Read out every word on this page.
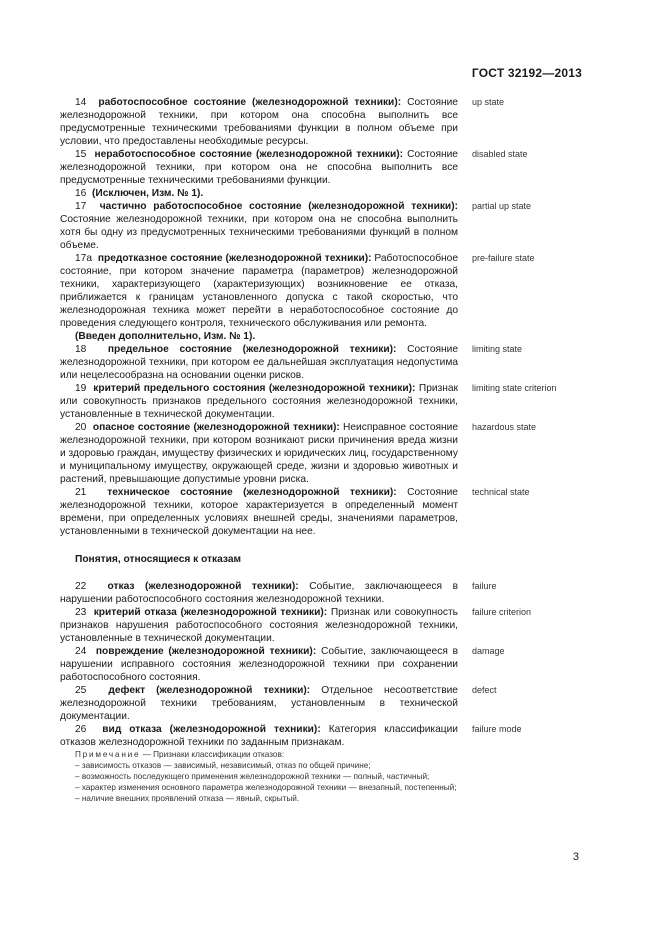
ГОСТ 32192—2013
14 работоспособное состояние (железнодорожной техники): Состояние железнодорожной техники, при котором она способна выполнить все предусмотренные техническими требованиями функции в полном объеме при условии, что предоставлены необходимые ресурсы.
up state
15 неработоспособное состояние (железнодорожной техники): Состояние железнодорожной техники, при котором она не способна выполнить все предусмотренные техническими требованиями функции.
disabled state
16 (Исключен, Изм. № 1).
17 частично работоспособное состояние (железнодорожной техники): Состояние железнодорожной техники, при котором она не способна выполнить хотя бы одну из предусмотренных техническими требованиями функций в полном объеме.
partial up state
17a предотказное состояние (железнодорожной техники): Работоспособное состояние, при котором значение параметра (параметров) железнодорожной техники, характеризующего (характеризующих) возникновение ее отказа, приближается к границам установленного допуска с такой скоростью, что железнодорожная техника может перейти в неработоспособное состояние до проведения следующего контроля, технического обслуживания или ремонта.
pre-failure state

(Введен дополнительно, Изм. № 1).

18 предельное состояние (железнодорожной техники): Состояние железнодорожной техники, при котором ее дальнейшая эксплуатация недопустима или нецелесообразна на основании оценки рисков.
limiting state
19 критерий предельного состояния (железнодорожной техники): Признак или совокупность признаков предельного состояния железнодорожной техники, установленные в технической документации.
limiting state criterion
20 опасное состояние (железнодорожной техники): Неисправное состояние железнодорожной техники, при котором возникают риски причинения вреда жизни и здоровью граждан, имуществу физических и юридических лиц, государственному и муниципальному имуществу, окружающей среде, жизни и здоровью животных и растений, превышающие допустимые уровни риска.
hazardous state
21 техническое состояние (железнодорожной техники): Состояние железнодорожной техники, которое характеризуется в определенный момент времени, при определенных условиях внешней среды, значениями параметров, установленными в технической документации на нее.
technical state

Понятия, относящиеся к отказам

22 отказ (железнодорожной техники): Событие, заключающееся в нарушении работоспособного состояния железнодорожной техники.
failure
23 критерий отказа (железнодорожной техники): Признак или совокупность признаков нарушения работоспособного состояния железнодорожной техники, установленные в технической документации.
failure criterion
24 повреждение (железнодорожной техники): Событие, заключающееся в нарушении исправного состояния железнодорожной техники при сохранении работоспособного состояния.
damage
25 дефект (железнодорожной техники): Отдельное несоответствие железнодорожной техники требованиям, установленным в технической документации.
defect
26 вид отказа (железнодорожной техники): Категория классификации отказов железнодорожной техники по заданным признакам.
failure mode

Примечание — Признаки классификации отказов:

– зависимость отказов — зависимый, независимый, отказ по общей причине;

– возможность последующего применения железнодорожной техники — полный, частичный;

– характер изменения основного параметра железнодорожной техники — внезапный, постепенный;

– наличие внешних проявлений отказа — явный, скрытый.

3
